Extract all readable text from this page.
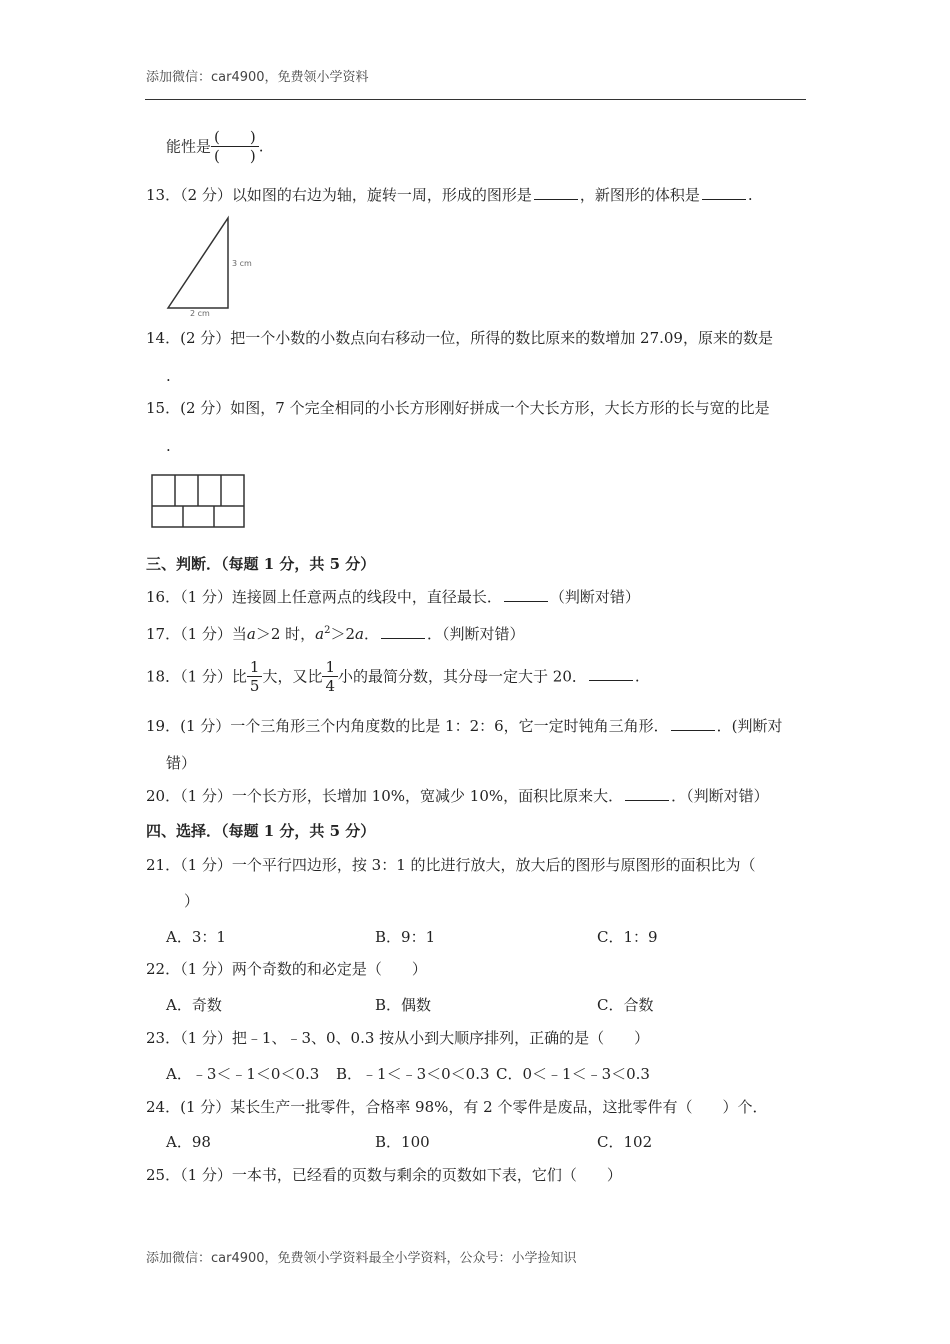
添加微信：car4900，免费领小学资料
能性是 $\frac{( )}{( )}$ .
13．（2 分）以如图的右边为轴，旋转一周，形成的图形是	，新图形的体积是	.
3 cm
2 cm
14．(2 分）把一个小数的小数点向右移动一位，所得的数比原来的数增加 27.09，原来的数是
.
15．(2 分）如图，7 个完全相同的小长方形刚好拼成一个大长方形，大长方形的长与宽的比是
.
三、判断．（每题 1 分，共 5 分）
16．（1 分）连接圆上任意两点的线段中，直径最长．	（判断对错）
17．（1 分）当a＞2 时，$a^2>2a$．	．（判断对错）
18．（1 分）比 $\frac{1}{5}$ 大，又比 $\frac{1}{4}$ 小的最简分数，其分母一定大于 20．	.
19．(1 分）一个三角形三个内角度数的比是 1：2：6，它一定时钝角三角形．	．(判断对
错）
20．（1 分）一个长方形，长增加 10%，宽减少 10%，面积比原来大．	．（判断对错）
四、选择．（每题 1 分，共 5 分）
21．（1 分）一个平行四边形，按 3：1 的比进行放大，放大后的图形与原图形的面积比为（
）
A．3：1	B．9：1	C．1：9
22．（1 分）两个奇数的和必定是（　　）
A．奇数	B．偶数	C．合数
23．（1 分）把﹣1、﹣3、0、0.3 按从小到大顺序排列，正确的是（　　）
A．﹣3＜﹣1＜0＜0.3 B．﹣1＜﹣3＜0＜0.3 C．0＜﹣1＜﹣3＜0.3
24．(1 分）某长生产一批零件，合格率 98%，有 2 个零件是废品，这批零件有（　　）个．
A．98	B．100	C．102
25．（1 分）一本书，已经看的页数与剩余的页数如下表，它们（　　）
添加微信：car4900，免费领小学资料最全小学资料，公众号：小学捡知识
